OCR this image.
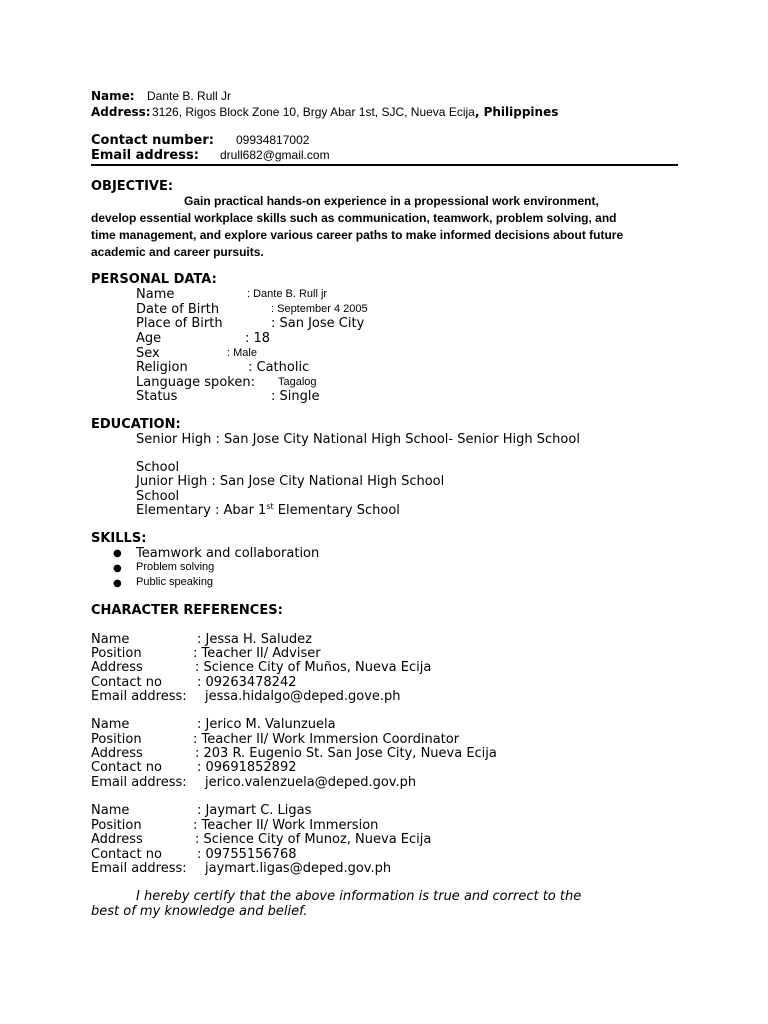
Name: Dante B. Rull Jr
Address: 3126, Rigos Block Zone 10, Brgy Abar 1st, SJC, Nueva Ecija, Philippines
Contact number: 09934817002
Email address: drull682@gmail.com
OBJECTIVE:
Gain practical hands-on experience in a propessional work environment,
develop essential workplace skills such as communication, teamwork, problem solving, and
time management, and explore various career paths to make informed decisions about future
academic and career pursuits.
PERSONAL DATA:
Name	: Dante B. Rull jr
Date of Birth	: September 4 2005
Place of Birth	: San Jose City
Age	: 18
Sex	: Male
Religion	: Catholic
Language spoken: Tagalog
Status	: Single
EDUCATION:
Senior High : San Jose City National High School- Senior High School
School
Junior High : San Jose City National High School
School
Elementary : Abar 1st Elementary School
SKILLS:
● Teamwork and collaboration
● Problem solving
● Public speaking
CHARACTER REFERENCES:
Name	: Jessa H. Saludez
Position	: Teacher II/ Adviser
Address	: Science City of Muños, Nueva Ecija
Contact no	: 09263478242
Email address: jessa.hidalgo@deped.gove.ph
Name	: Jerico M. Valunzuela
Position	: Teacher II/ Work Immersion Coordinator
Address	: 203 R. Eugenio St. San Jose City, Nueva Ecija
Contact no	: 09691852892
Email address: jerico.valenzuela@deped.gov.ph
Name	: Jaymart C. Ligas
Position	: Teacher II/ Work Immersion
Address	: Science City of Munoz, Nueva Ecija
Contact no	: 09755156768
Email address: jaymart.ligas@deped.gov.ph
I hereby certify that the above information is true and correct to the
best of my knowledge and belief.
